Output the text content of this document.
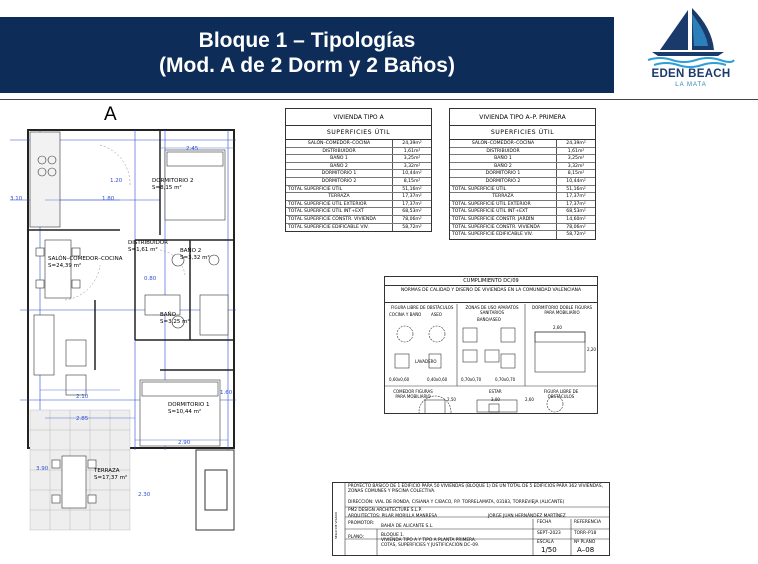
Bloque 1 – Tipologías
(Mod. A de 2 Dorm y 2 Baños)	EDEN BEACH
LA MATA
A
DORMITORIO 2
S=8,15 m²
DISTRIBUIDOR
S=1,61 m²	BAÑO 2
S=3,32 m²
SALÓN–COMEDOR–COCINA
S=24,39 m²
BAÑO
S=3,25 m²
DORMITORIO 1
S=10,44 m²
TERRAZA
S=17,37 m²
2.45
1.80
0.80
2.10
2.85
2.90
1.60
3.10
2.30
3.90
1.20
VIVIENDA TIPO A
SUPERFICIES ÚTIL
SALÓN–COMEDOR–COCINA	24,39m²
DISTRIBUIDOR	1,61m²
BAÑO 1	3,25m²
BAÑO 2	3,32m²
DORMITORIO 1	10,44m²
DORMITORIO 2	8,15m²
TOTAL SUPERFICIE ÚTIL	51,16m²
TERRAZA	17,37m²
TOTAL SUPERFICIE ÚTIL EXTERIOR	17,37m²
TOTAL SUPERFICIE ÚTIL INT+EXT	68,53m²
TOTAL SUPERFICIE CONSTR. VIVIENDA	78,06m²
TOTAL SUPERFICIE EDIFICABLE VIV.	58,72m²
VIVIENDA TIPO A–P. PRIMERA
SUPERFICIES ÚTIL
SALÓN–COMEDOR–COCINA	24,39m²
DISTRIBUIDOR	1,61m²
BAÑO 1	3,25m²
BAÑO 2	3,32m²
DORMITORIO 1	8,15m²
DORMITORIO 2	10,44m²
TOTAL SUPERFICIE ÚTIL	51,16m²
TERRAZA	17,37m²
TOTAL SUPERFICIE ÚTIL EXTERIOR	17,37m²
TOTAL SUPERFICIE ÚTIL INT+EXT	68,53m²
TOTAL SUPERFICIE CONSTR. JARDÍN	14,60m²
TOTAL SUPERFICIE CONSTR. VIVIENDA	78,06m²
TOTAL SUPERFICIE EDIFICABLE VIV.	58,72m²
CUMPLIMIENTO DC/09
NORMAS DE CALIDAD Y DISEÑO DE VIVIENDAS EN LA COMUNIDAD VALENCIANA
FIGURA LIBRE DE OBSTÁCULOS
COCINA Y BAÑO ASEO
ZONAS DE USO APARATOS SANITARIOS
BAÑO/ASEO
DORMITORIO DOBLE FIGURAS PARA MOBILIARIO
LAVADERO
COMEDOR FIGURAS PARA MOBILIARIO
ESTAR	FIGURA LIBRE DE OBSTÁCULOS
0,60x0,60	0,40x0,60	0,70x0,70	0,70x0,70
2,60
3,00
2,20
2,50	2,60
PROYECTO BÁSICO DE 1 EDIFICIO PARA 50 VIVIENDAS (BLOQUE 1) DE UN TOTAL DE 5 EDIFICIOS PARA 362 VIVIENDAS, ZONAS COMUNES Y PISCINA COLECTIVA.
DIRECCIÓN: VIAL DE RONDA, C/SIANA Y C/BACO, P.P. TORRELAMATA, 03183, TORREVIEJA (ALICANTE)
PM2 DESIGN ARCHITECTURE S.L.P.
ARQUITECTOS: PILAR MORILLA MANRESA	JORGE JUAN HERNÁNDEZ MARTÍNEZ
PROMOTOR:
BAHÍA DE ALICANTE S.L.
PLANO:	BLOQUE 1.
VIVIENDA TIPO A Y TIPO A PLANTA PRIMERA.
COTAS, SUPERFICIES Y JUSTIFICACIÓN DC–09.
FECHA
SEPT–2023
REFERENCIA
TORR–P18
ESCALA
1/50
Nº PLANO
A–08
SELLO DE VISADO
